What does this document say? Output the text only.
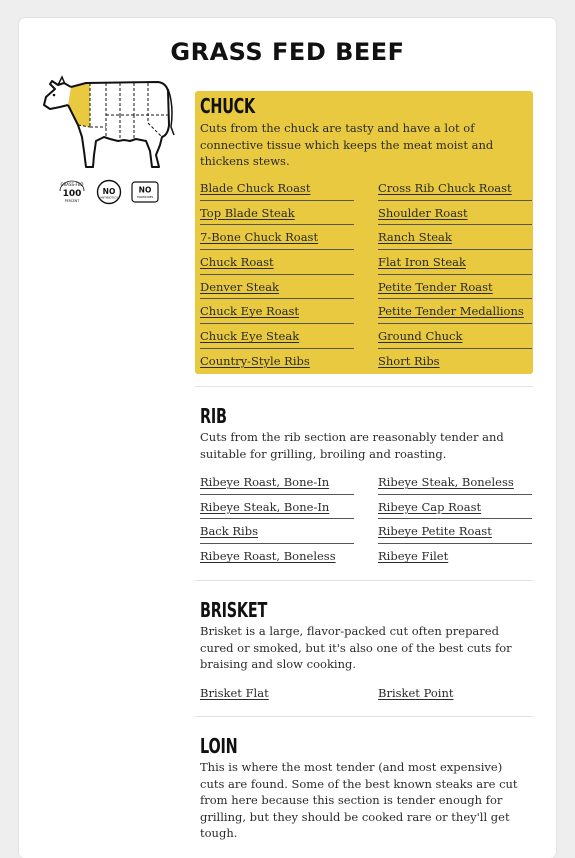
GRASS FED BEEF
GRASS-FED
100
PERCENT
NO
ANTIBIOTICS
NO
HORMONES
CHUCK

Cuts from the chuck are tasty and have a lot of connective tissue which keeps the meat moist and thickens stews.

Blade Chuck Roast	Cross Rib Chuck Roast
Top Blade Steak	Shoulder Roast
7-Bone Chuck Roast	Ranch Steak
Chuck Roast	Flat Iron Steak
Denver Steak	Petite Tender Roast
Chuck Eye Roast	Petite Tender Medallions
Chuck Eye Steak	Ground Chuck
Country-Style Ribs	Short Ribs
RIB

Cuts from the rib section are reasonably tender and suitable for grilling, broiling and roasting.

Ribeye Roast, Bone-In	Ribeye Steak, Boneless
Ribeye Steak, Bone-In	Ribeye Cap Roast
Back Ribs	Ribeye Petite Roast
Ribeye Roast, Boneless	Ribeye Filet
BRISKET

Brisket is a large, flavor-packed cut often prepared cured or smoked, but it's also one of the best cuts for braising and slow cooking.

Brisket Flat	Brisket Point
LOIN

This is where the most tender (and most expensive) cuts are found. Some of the best known steaks are cut from here because this section is tender enough for grilling, but they should be cooked rare or they'll get tough.
